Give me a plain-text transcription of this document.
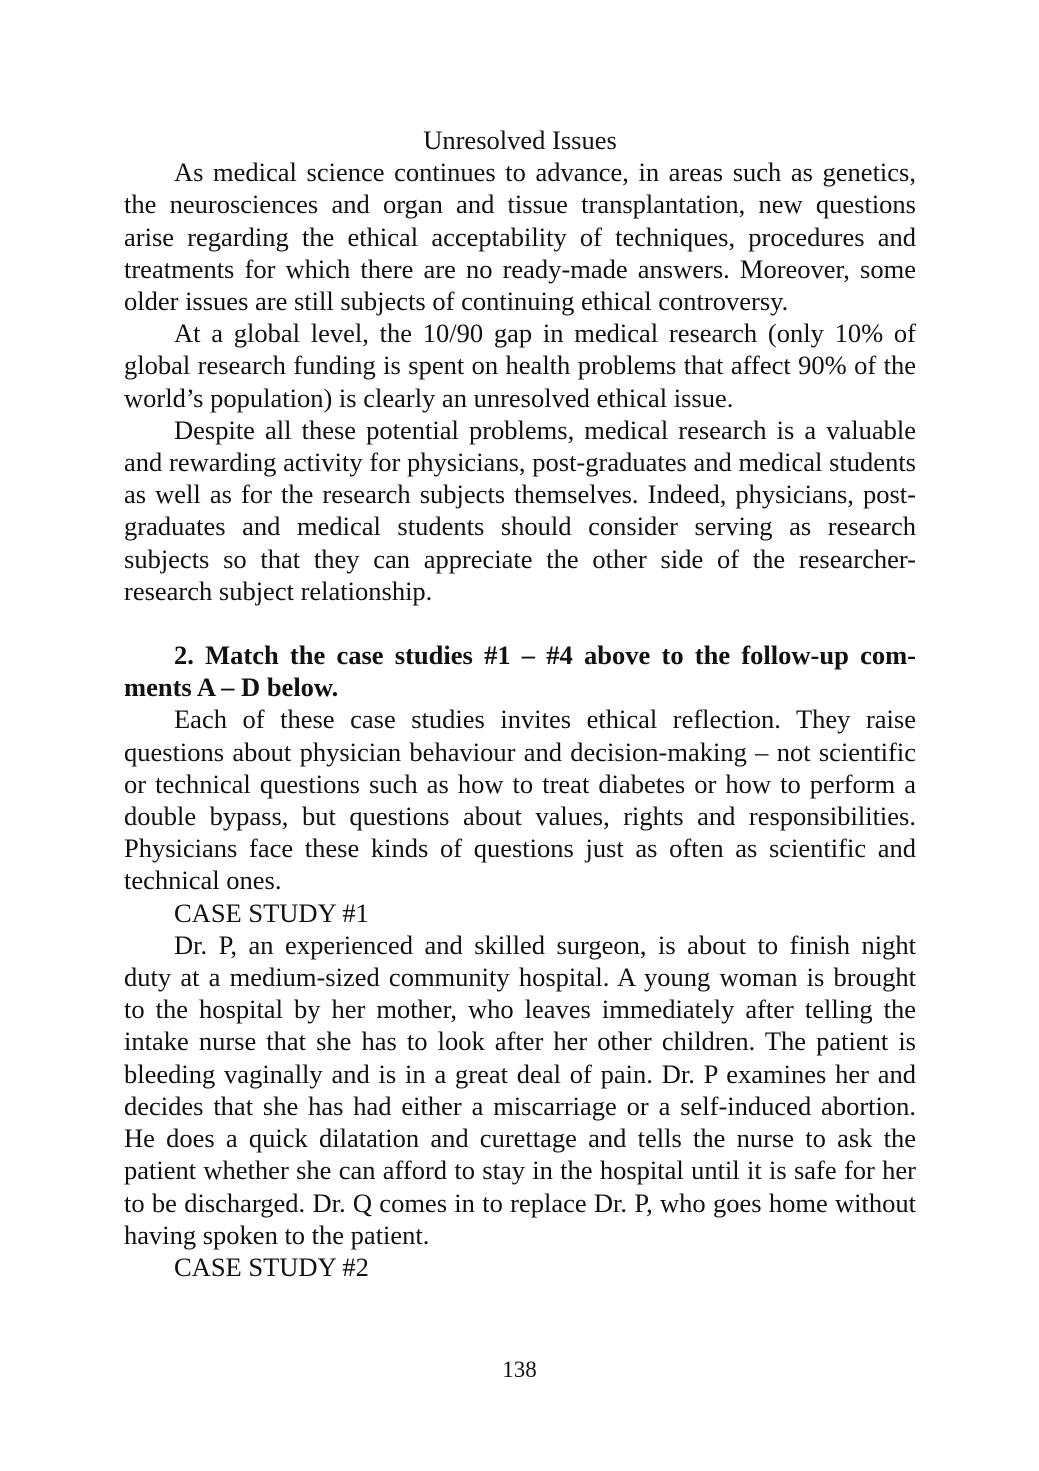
Unresolved Issues

As medical science continues to advance, in areas such as genetics, the neurosciences and organ and tissue transplantation, new questions arise regarding the ethical acceptability of techniques, procedures and treatments for which there are no ready-made answers. Moreover, some older issues are still subjects of continuing ethical controversy.

At a global level, the 10/90 gap in medical research (only 10% of global research funding is spent on health problems that affect 90% of the world’s population) is clearly an unresolved ethical issue.

Despite all these potential problems, medical research is a valuable and rewarding activity for physicians, post-graduates and medical students as well as for the research subjects themselves. Indeed, physicians, post-graduates and medical students should consider serving as research subjects so that they can appreciate the other side of the researcher-research subject relationship.

2. Match the case studies #1 – #4 above to the follow-up comments A – D below.

Each of these case studies invites ethical reflection. They raise questions about physician behaviour and decision-making – not scientific or technical questions such as how to treat diabetes or how to perform a double bypass, but questions about values, rights and responsibilities. Physicians face these kinds of questions just as often as scientific and technical ones.

CASE STUDY #1

Dr. P, an experienced and skilled surgeon, is about to finish night duty at a medium-sized community hospital. A young woman is brought to the hospital by her mother, who leaves immediately after telling the intake nurse that she has to look after her other children. The patient is bleeding vaginally and is in a great deal of pain. Dr. P examines her and decides that she has had either a miscarriage or a self-induced abortion. He does a quick dilatation and curettage and tells the nurse to ask the patient whether she can afford to stay in the hospital until it is safe for her to be discharged. Dr. Q comes in to replace Dr. P, who goes home without having spoken to the patient.

CASE STUDY #2

138
